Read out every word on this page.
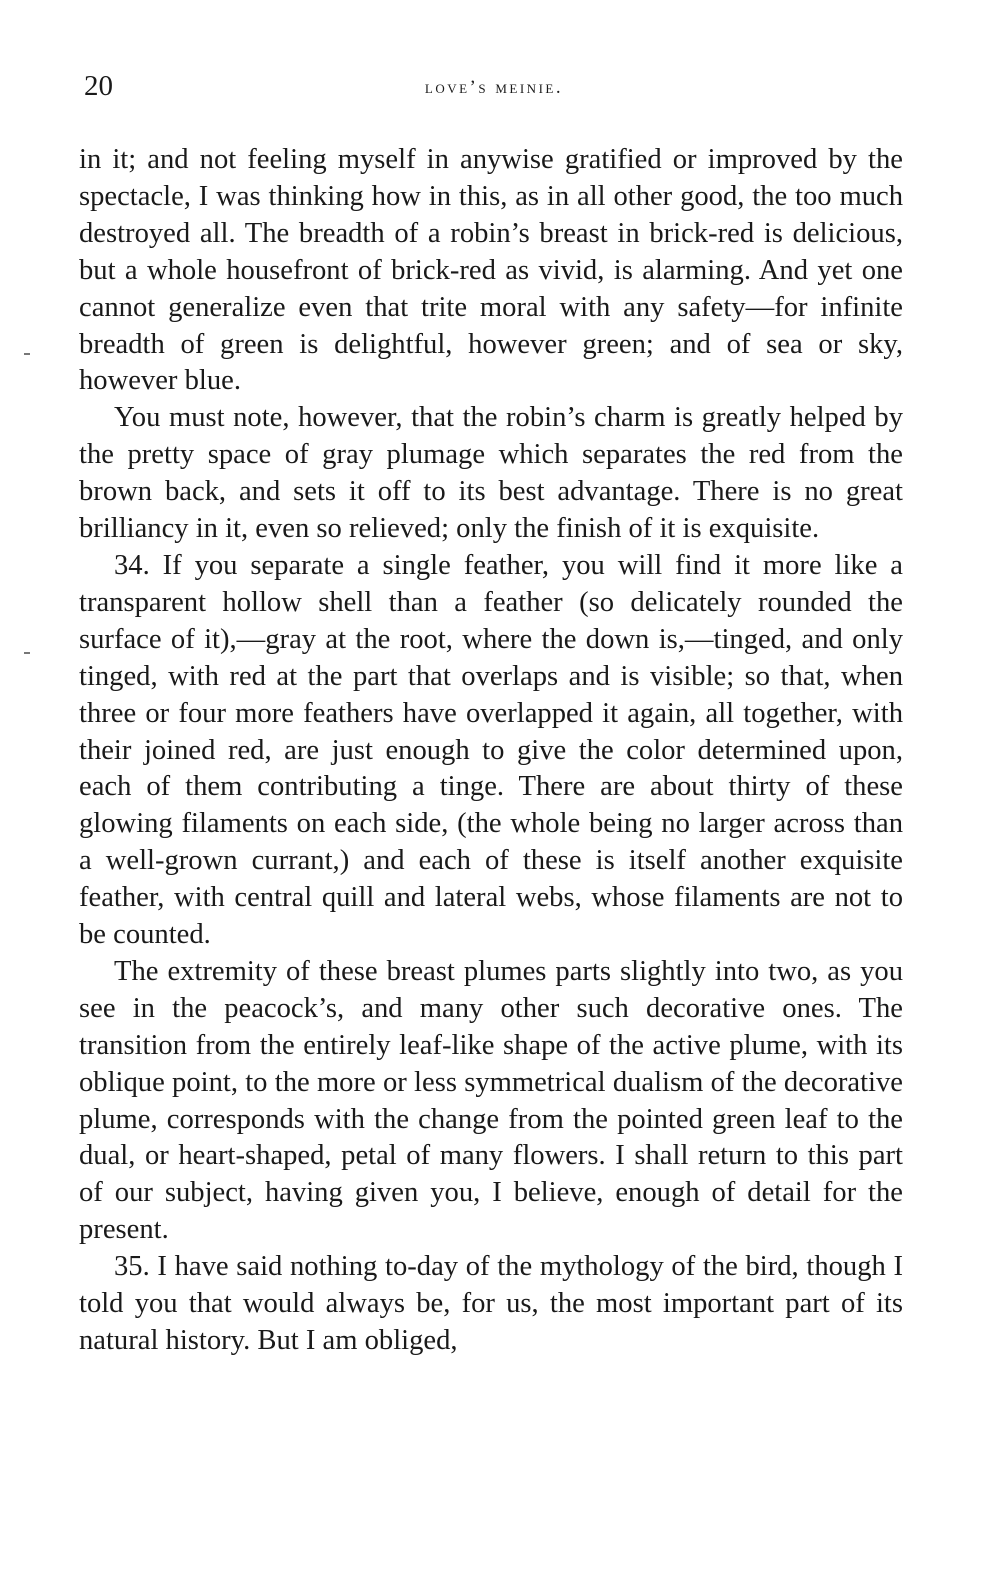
20	love’s meinie.

in it; and not feeling myself in anywise gratified or improved by the spectacle, I was thinking how in this, as in all other good, the too much destroyed all. The breadth of a robin’s breast in brick-red is delicious, but a whole housefront of brick-red as vivid, is alarming. And yet one cannot generalize even that trite moral with any safety—for infinite breadth of green is delightful, however green; and of sea or sky, however blue.

You must note, however, that the robin’s charm is greatly helped by the pretty space of gray plumage which separates the red from the brown back, and sets it off to its best advantage. There is no great brilliancy in it, even so relieved; only the finish of it is exquisite.

34. If you separate a single feather, you will find it more like a transparent hollow shell than a feather (so delicately rounded the surface of it),—gray at the root, where the down is,—tinged, and only tinged, with red at the part that overlaps and is visible; so that, when three or four more feathers have overlapped it again, all together, with their joined red, are just enough to give the color determined upon, each of them contributing a tinge. There are about thirty of these glowing filaments on each side, (the whole being no larger across than a well-grown currant,) and each of these is itself another exquisite feather, with central quill and lateral webs, whose filaments are not to be counted.

The extremity of these breast plumes parts slightly into two, as you see in the peacock’s, and many other such decorative ones. The transition from the entirely leaf-like shape of the active plume, with its oblique point, to the more or less symmetrical dualism of the decorative plume, corresponds with the change from the pointed green leaf to the dual, or heart-shaped, petal of many flowers. I shall return to this part of our subject, having given you, I believe, enough of detail for the present.

35. I have said nothing to-day of the mythology of the bird, though I told you that would always be, for us, the most important part of its natural history. But I am obliged,
